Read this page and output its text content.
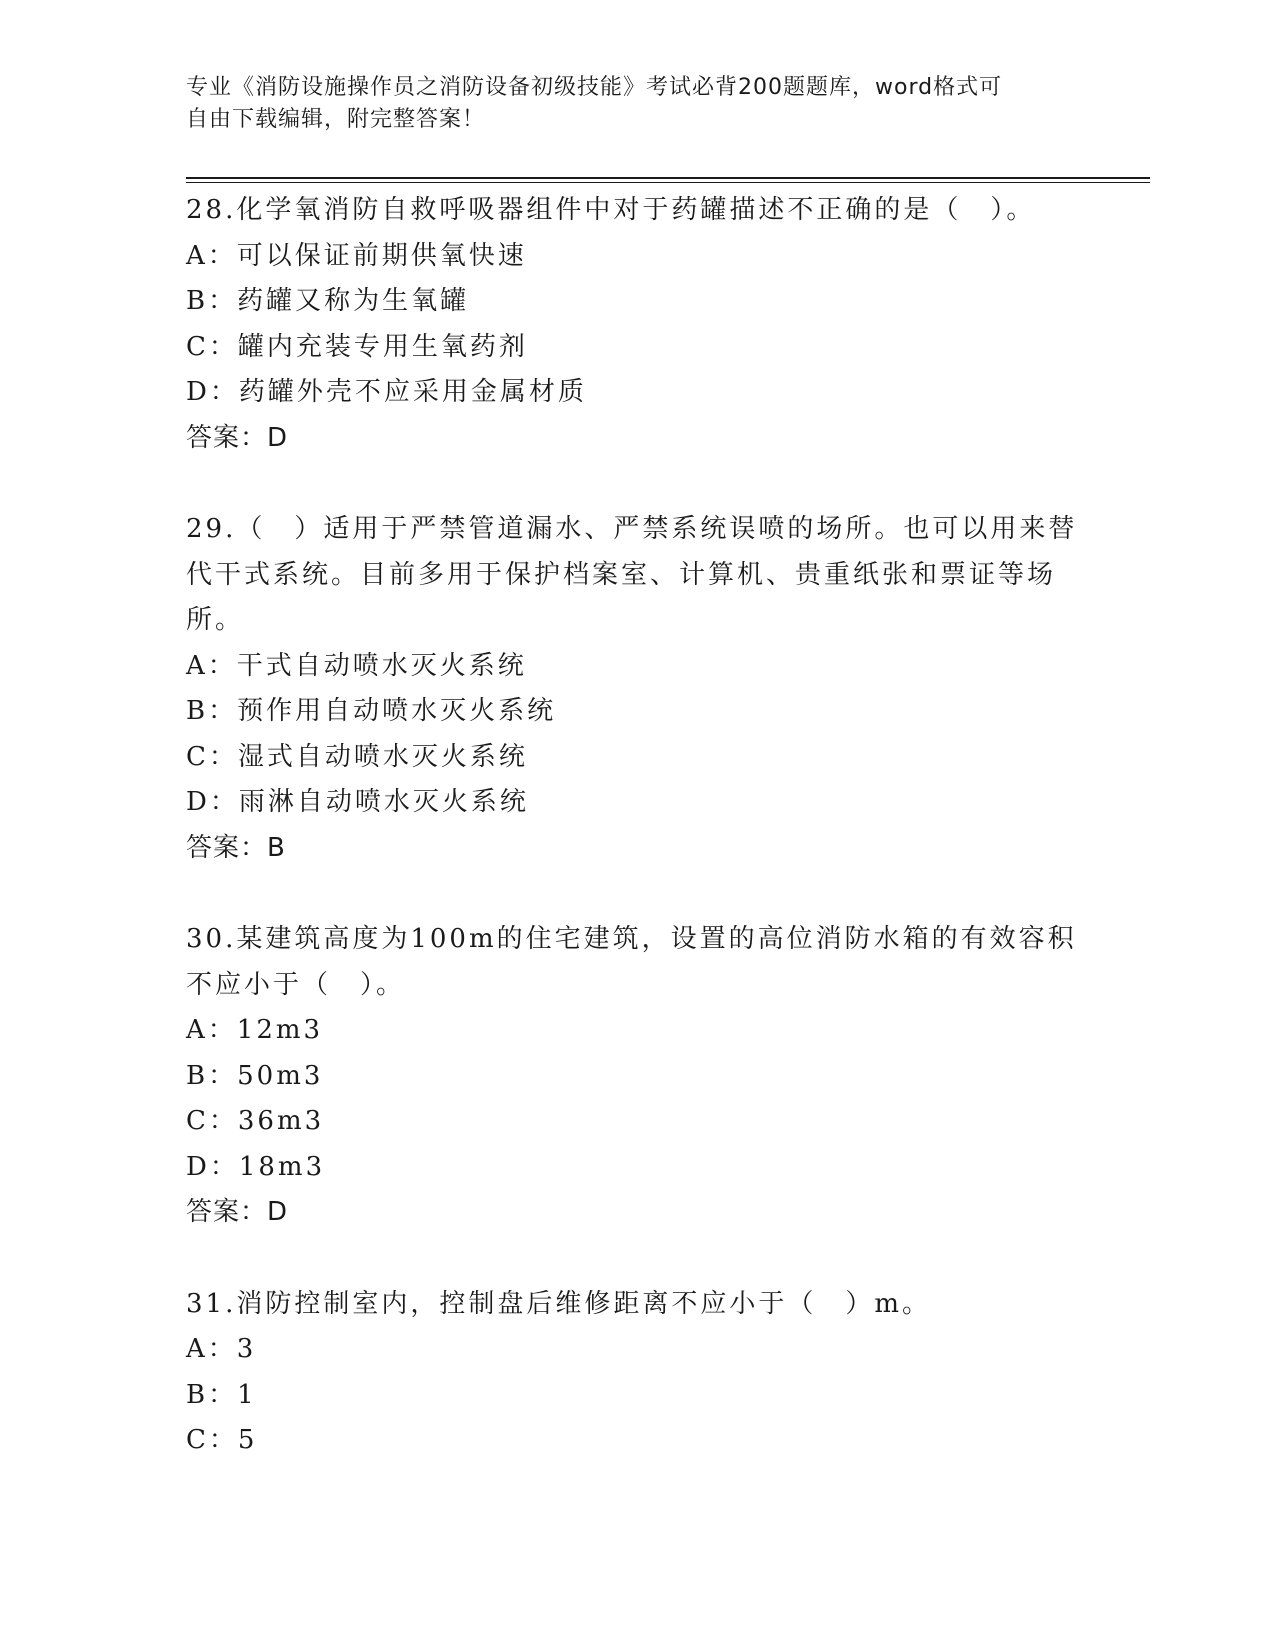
专业《消防设施操作员之消防设备初级技能》考试必背200题题库，word格式可
自由下载编辑，附完整答案！
28.化学氧消防自救呼吸器组件中对于药罐描述不正确的是（　）。
A：可以保证前期供氧快速
B：药罐又称为生氧罐
C：罐内充装专用生氧药剂
D：药罐外壳不应采用金属材质
答案：D
29.（　）适用于严禁管道漏水、严禁系统误喷的场所。也可以用来替
代干式系统。目前多用于保护档案室、计算机、贵重纸张和票证等场
所。
A：干式自动喷水灭火系统
B：预作用自动喷水灭火系统
C：湿式自动喷水灭火系统
D：雨淋自动喷水灭火系统
答案：B
30.某建筑高度为100m的住宅建筑，设置的高位消防水箱的有效容积
不应小于（　）。
A：12m3
B：50m3
C：36m3
D：18m3
答案：D
31.消防控制室内，控制盘后维修距离不应小于（　）m。
A：3
B：1
C：5
